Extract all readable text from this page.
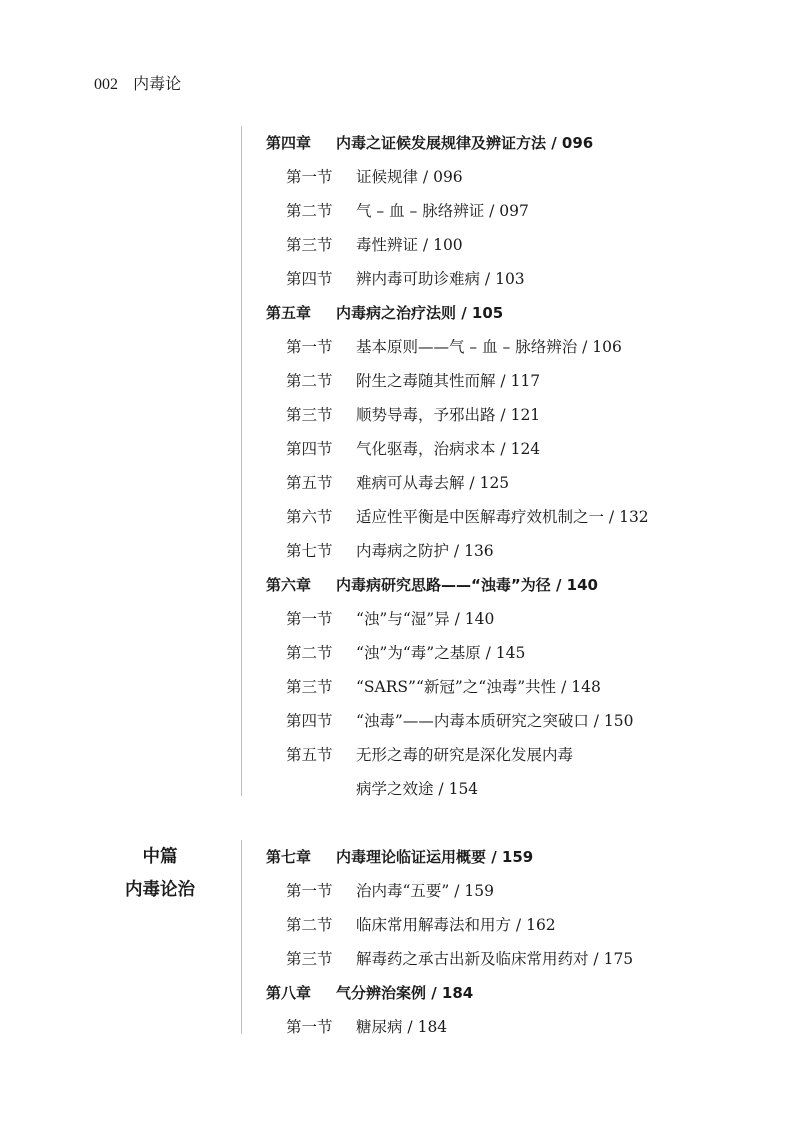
002 内毒论
中篇
内毒论治
第四章 内毒之证候发展规律及辨证方法 / 096
第一节 证候规律 / 096
第二节 气 – 血 – 脉络辨证 / 097
第三节 毒性辨证 / 100
第四节 辨内毒可助诊难病 / 103
第五章 内毒病之治疗法则 / 105
第一节 基本原则——气 – 血 – 脉络辨治 / 106
第二节 附生之毒随其性而解 / 117
第三节 顺势导毒，予邪出路 / 121
第四节 气化驱毒，治病求本 / 124
第五节 难病可从毒去解 / 125
第六节 适应性平衡是中医解毒疗效机制之一 / 132
第七节 内毒病之防护 / 136
第六章 内毒病研究思路——“浊毒”为径 / 140
第一节 “浊”与“湿”异 / 140
第二节 “浊”为“毒”之基原 / 145
第三节 “SARS”“新冠”之“浊毒”共性 / 148
第四节 “浊毒”——内毒本质研究之突破口 / 150
第五节 无形之毒的研究是深化发展内毒
病学之效途 / 154
第七章 内毒理论临证运用概要 / 159
第一节 治内毒“五要” / 159
第二节 临床常用解毒法和用方 / 162
第三节 解毒药之承古出新及临床常用药对 / 175
第八章 气分辨治案例 / 184
第一节 糖尿病 / 184
